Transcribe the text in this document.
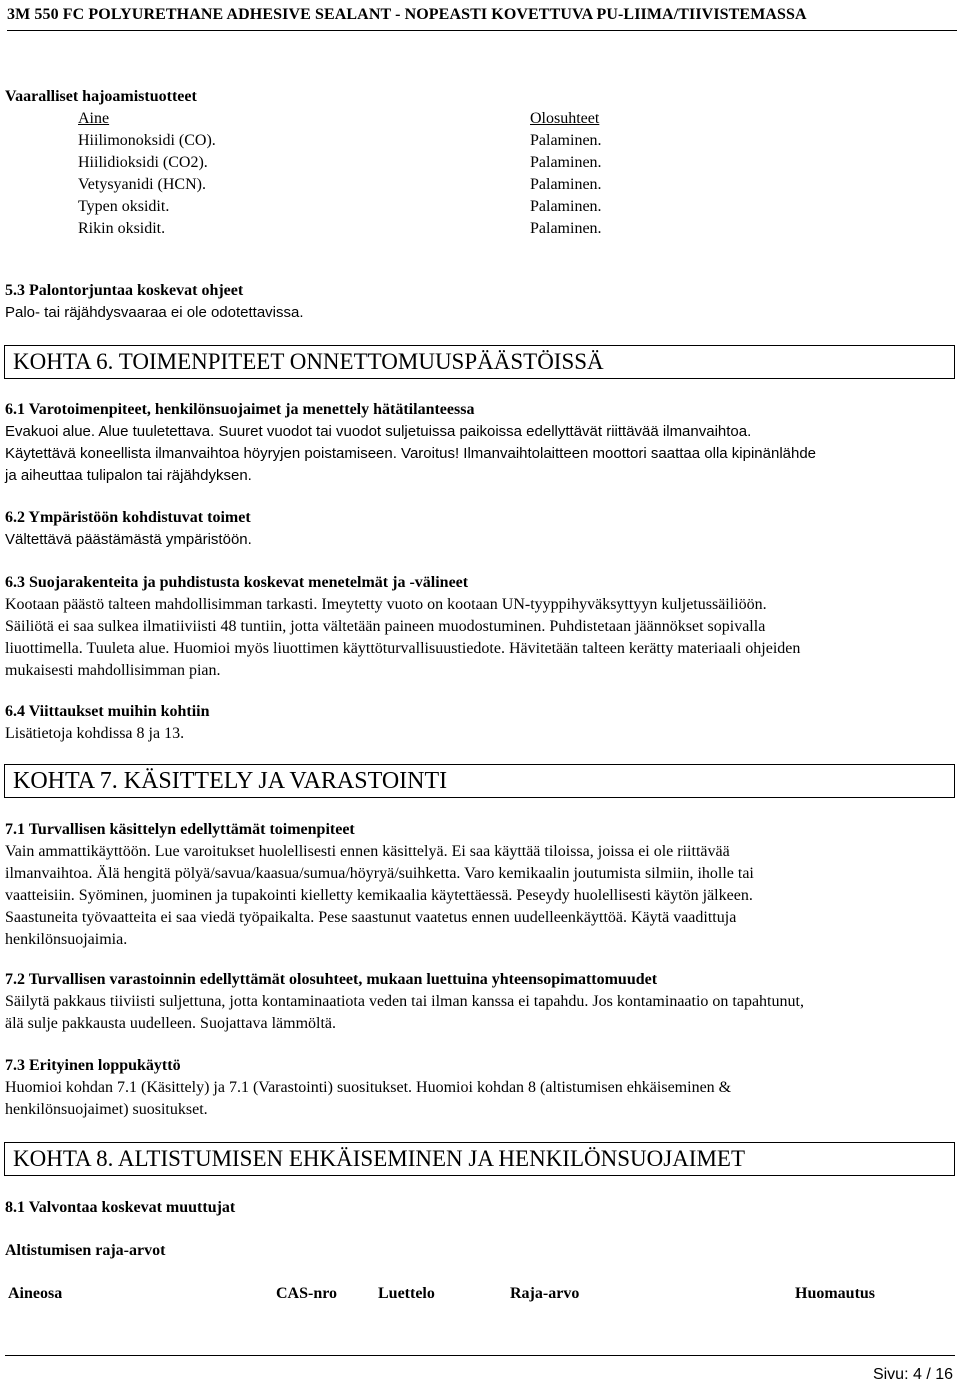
3M 550 FC POLYURETHANE ADHESIVE SEALANT - NOPEASTI KOVETTUVA PU-LIIMA/TIIVISTEMASSA
Vaaralliset hajoamistuotteet
Aine	Olosuhteet
Hiilimonoksidi (CO).	Palaminen.
Hiilidioksidi (CO2).	Palaminen.
Vetysyanidi (HCN).	Palaminen.
Typen oksidit.	Palaminen.
Rikin oksidit.	Palaminen.
5.3 Palontorjuntaa koskevat ohjeet
Palo- tai räjähdysvaaraa ei ole odotettavissa.
KOHTA 6. TOIMENPITEET ONNETTOMUUSPÄÄSTÖISSÄ
6.1 Varotoimenpiteet, henkilönsuojaimet ja menettely hätätilanteessa
Evakuoi alue. Alue tuuletettava. Suuret vuodot tai vuodot suljetuissa paikoissa edellyttävät riittävää ilmanvaihtoa.
Käytettävä koneellista ilmanvaihtoa höyryjen poistamiseen. Varoitus! Ilmanvaihtolaitteen moottori saattaa olla kipinänlähde
ja aiheuttaa tulipalon tai räjähdyksen.
6.2 Ympäristöön kohdistuvat toimet
Vältettävä päästämästä ympäristöön.
6.3 Suojarakenteita ja puhdistusta koskevat menetelmät ja -välineet
Kootaan päästö talteen mahdollisimman tarkasti. Imeytetty vuoto on kootaan UN-tyyppihyväksyttyyn kuljetussäiliöön.
Säiliötä ei saa sulkea ilmatiiviisti 48 tuntiin, jotta vältetään paineen muodostuminen. Puhdistetaan jäännökset sopivalla
liuottimella. Tuuleta alue. Huomioi myös liuottimen käyttöturvallisuustiedote. Hävitetään talteen kerätty materiaali ohjeiden
mukaisesti mahdollisimman pian.
6.4 Viittaukset muihin kohtiin
Lisätietoja kohdissa 8 ja 13.
KOHTA 7. KÄSITTELY JA VARASTOINTI
7.1 Turvallisen käsittelyn edellyttämät toimenpiteet
Vain ammattikäyttöön. Lue varoitukset huolellisesti ennen käsittelyä. Ei saa käyttää tiloissa, joissa ei ole riittävää
ilmanvaihtoa. Älä hengitä pölyä/savua/kaasua/sumua/höyryä/suihketta. Varo kemikaalin joutumista silmiin, iholle tai
vaatteisiin. Syöminen, juominen ja tupakointi kielletty kemikaalia käytettäessä. Peseydy huolellisesti käytön jälkeen.
Saastuneita työvaatteita ei saa viedä työpaikalta. Pese saastunut vaatetus ennen uudelleenkäyttöä. Käytä vaadittuja
henkilönsuojaimia.
7.2 Turvallisen varastoinnin edellyttämät olosuhteet, mukaan luettuina yhteensopimattomuudet
Säilytä pakkaus tiiviisti suljettuna, jotta kontaminaatiota veden tai ilman kanssa ei tapahdu. Jos kontaminaatio on tapahtunut,
älä sulje pakkausta uudelleen. Suojattava lämmöltä.
7.3 Erityinen loppukäyttö
Huomioi kohdan 7.1 (Käsittely) ja 7.1 (Varastointi) suositukset. Huomioi kohdan 8 (altistumisen ehkäiseminen &
henkilönsuojaimet) suositukset.
KOHTA 8. ALTISTUMISEN EHKÄISEMINEN JA HENKILÖNSUOJAIMET
8.1 Valvontaa koskevat muuttujat
Altistumisen raja-arvot
Aineosa	CAS-nro	Luettelo	Raja-arvo	Huomautus
Sivu: 4 / 16
